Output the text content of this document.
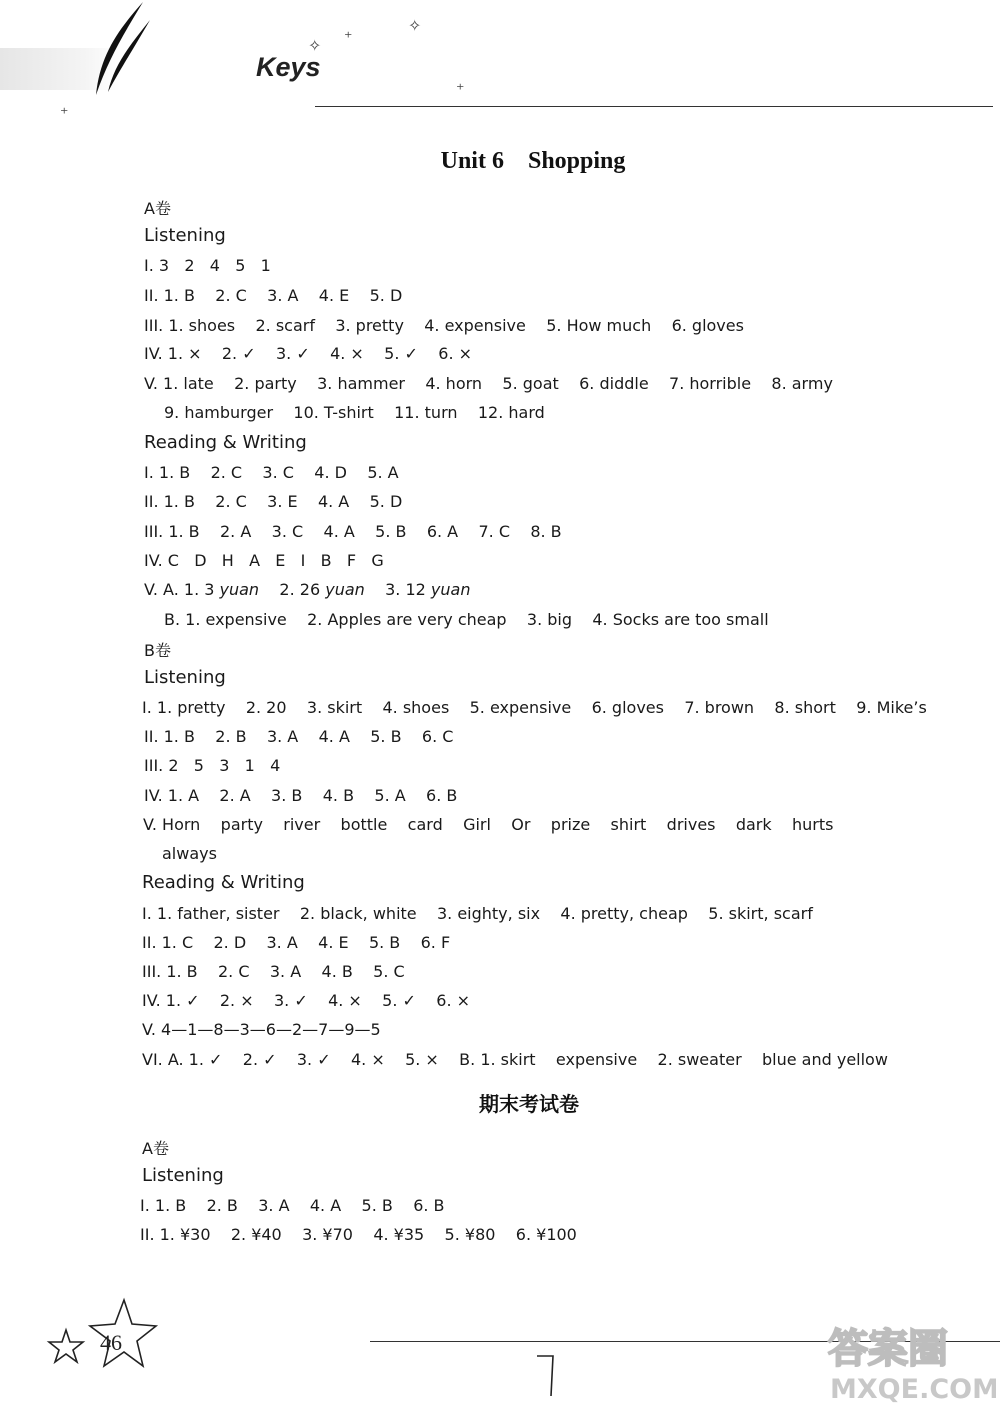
Keys
✧ ⁺
✧
⁺
⁺
Unit 6 Shopping
A卷
Listening
I. 3   2   4   5   1
II. 1. B    2. C    3. A    4. E    5. D
III. 1. shoes    2. scarf    3. pretty    4. expensive    5. How much    6. gloves
IV. 1. ×    2. ✓    3. ✓    4. ×    5. ✓    6. ×
V. 1. late    2. party    3. hammer    4. horn    5. goat    6. diddle    7. horrible    8. army
9. hamburger    10. T-shirt    11. turn    12. hard
Reading & Writing
I. 1. B    2. C    3. C    4. D    5. A
II. 1. B    2. C    3. E    4. A    5. D
III. 1. B    2. A    3. C    4. A    5. B    6. A    7. C    8. B
IV. C   D   H   A   E   I   B   F   G
V. A. 1. 3 yuan    2. 26 yuan    3. 12 yuan
B. 1. expensive    2. Apples are very cheap    3. big    4. Socks are too small
B卷
Listening
I. 1. pretty    2. 20    3. skirt    4. shoes    5. expensive    6. gloves    7. brown    8. short    9. Mike’s
II. 1. B    2. B    3. A    4. A    5. B    6. C
III. 2   5   3   1   4
IV. 1. A    2. A    3. B    4. B    5. A    6. B
V. Horn    party    river    bottle    card    Girl    Or    prize    shirt    drives    dark    hurts
always
Reading & Writing
I. 1. father, sister    2. black, white    3. eighty, six    4. pretty, cheap    5. skirt, scarf
II. 1. C    2. D    3. A    4. E    5. B    6. F
III. 1. B    2. C    3. A    4. B    5. C
IV. 1. ✓    2. ×    3. ✓    4. ×    5. ✓    6. ×
V. 4—1—8—3—6—2—7—9—5
VI. A. 1. ✓    2. ✓    3. ✓    4. ×    5. ×    B. 1. skirt    expensive    2. sweater    blue and yellow
期末考试卷
A卷
Listening
I. 1. B    2. B    3. A    4. A    5. B    6. B
II. 1. ¥30    2. ¥40    3. ¥70    4. ¥35    5. ¥80    6. ¥100
46	答案圈
MXQE.COM
